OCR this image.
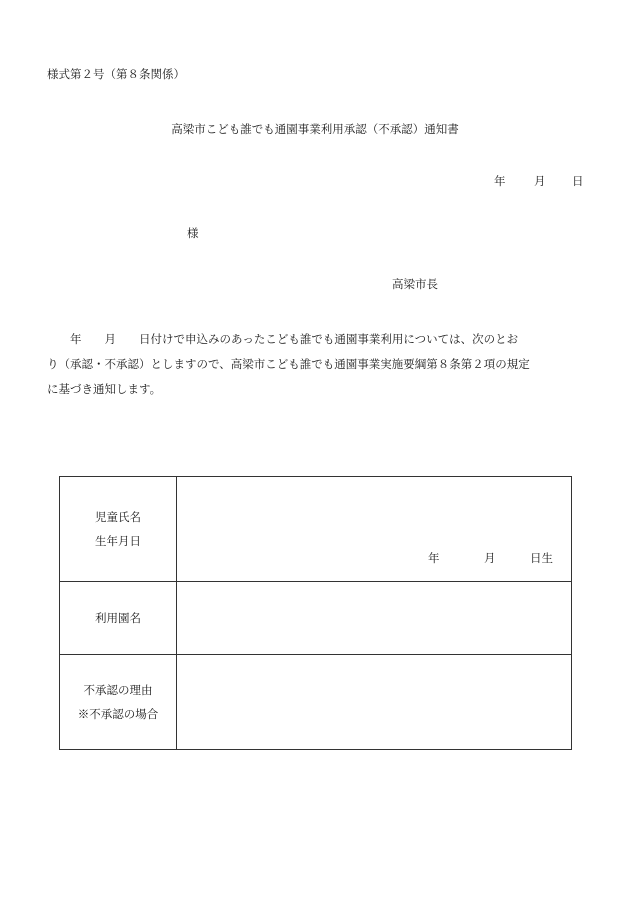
様式第２号（第８条関係）
高梁市こども誰でも通園事業利用承認（不承認）通知書
年 月 日
様
高梁市長

　　年　　月　　日付けで申込みのあったこども誰でも通園事業利用については、次のとお

り（承認・不承認）としますので、高梁市こども誰でも通園事業実施要綱第８条第２項の規定

に基づき通知します。

児童氏名
生年月日
年	月	日生
利用園名
不承認の理由
※不承認の場合
